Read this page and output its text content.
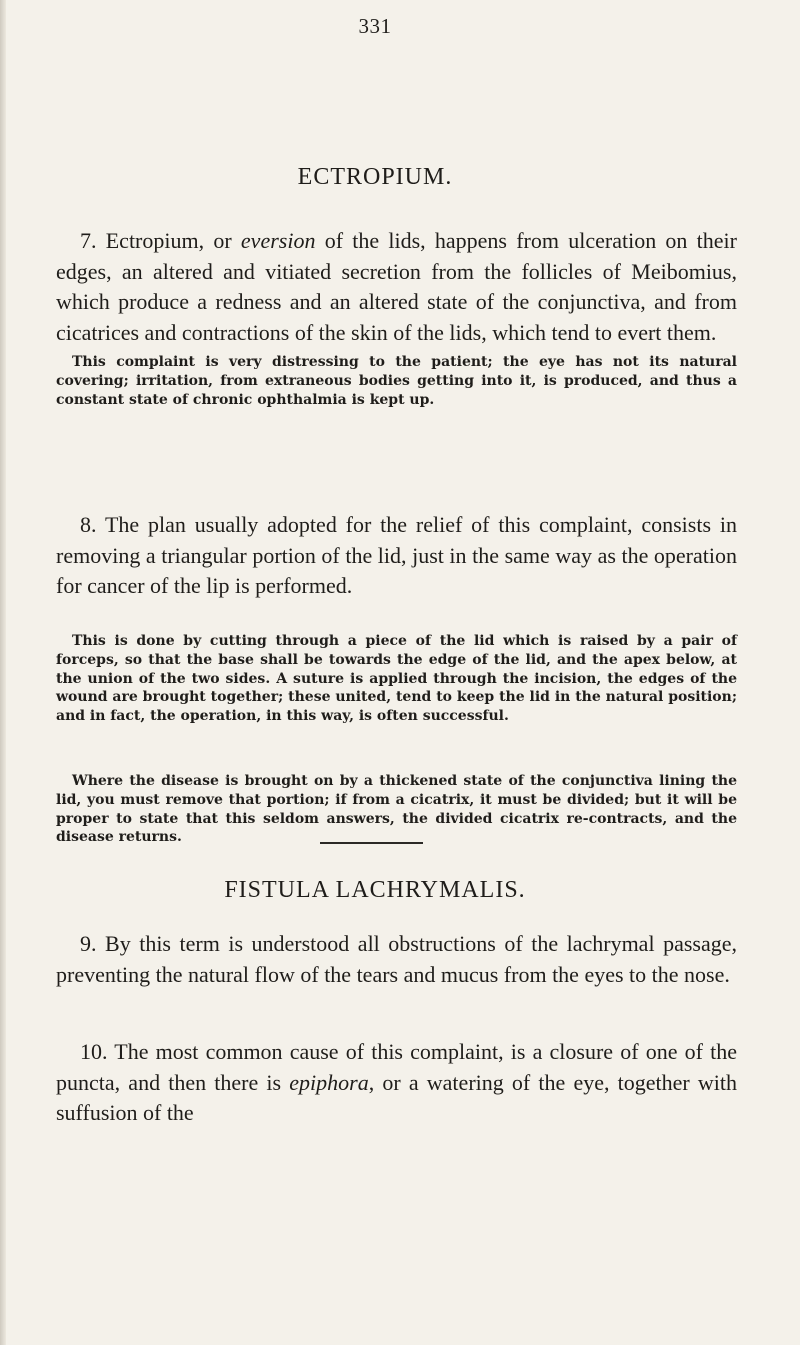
331
ECTROPIUM.

7. Ectropium, or eversion of the lids, happens from ulceration on their edges, an altered and vitiated secretion from the follicles of Meibomius, which produce a redness and an altered state of the conjunctiva, and from cicatrices and contractions of the skin of the lids, which tend to evert them.

This complaint is very distressing to the patient; the eye has not its natural covering; irritation, from extraneous bodies getting into it, is produced, and thus a constant state of chronic ophthalmia is kept up.

8. The plan usually adopted for the relief of this complaint, consists in removing a triangular portion of the lid, just in the same way as the operation for cancer of the lip is performed.

This is done by cutting through a piece of the lid which is raised by a pair of forceps, so that the base shall be towards the edge of the lid, and the apex below, at the union of the two sides. A suture is applied through the incision, the edges of the wound are brought together; these united, tend to keep the lid in the natural position; and in fact, the operation, in this way, is often successful.

Where the disease is brought on by a thickened state of the conjunctiva lining the lid, you must remove that portion; if from a cicatrix, it must be divided; but it will be proper to state that this seldom answers, the divided cicatrix re-contracts, and the disease returns.

FISTULA LACHRYMALIS.

9. By this term is understood all obstructions of the lachrymal passage, preventing the natural flow of the tears and mucus from the eyes to the nose.

10. The most common cause of this complaint, is a closure of one of the puncta, and then there is epiphora, or a watering of the eye, together with suffusion of the
